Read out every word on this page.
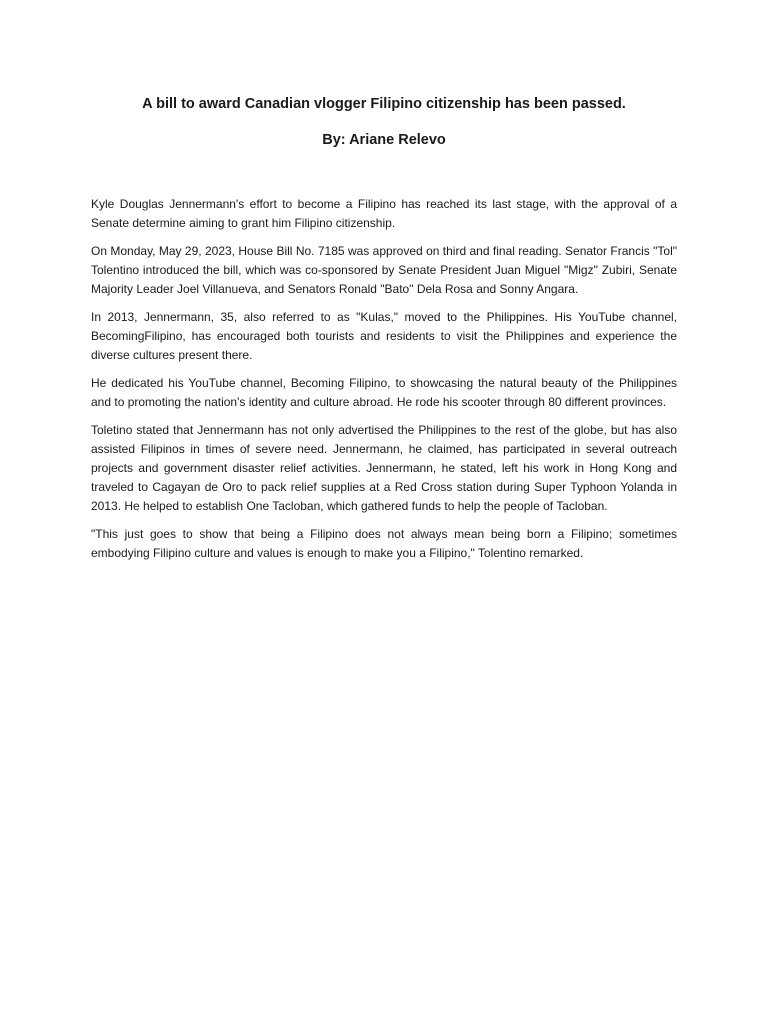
A bill to award Canadian vlogger Filipino citizenship has been passed.
By: Ariane Relevo

Kyle Douglas Jennermann's effort to become a Filipino has reached its last stage, with the approval of a Senate determine aiming to grant him Filipino citizenship.

On Monday, May 29, 2023, House Bill No. 7185 was approved on third and final reading. Senator Francis "Tol" Tolentino introduced the bill, which was co-sponsored by Senate President Juan Miguel "Migz" Zubiri, Senate Majority Leader Joel Villanueva, and Senators Ronald "Bato" Dela Rosa and Sonny Angara.

In 2013, Jennermann, 35, also referred to as "Kulas," moved to the Philippines. His YouTube channel, BecomingFilipino, has encouraged both tourists and residents to visit the Philippines and experience the diverse cultures present there.

He dedicated his YouTube channel, Becoming Filipino, to showcasing the natural beauty of the Philippines and to promoting the nation's identity and culture abroad. He rode his scooter through 80 different provinces.

Toletino stated that Jennermann has not only advertised the Philippines to the rest of the globe, but has also assisted Filipinos in times of severe need. Jennermann, he claimed, has participated in several outreach projects and government disaster relief activities. Jennermann, he stated, left his work in Hong Kong and traveled to Cagayan de Oro to pack relief supplies at a Red Cross station during Super Typhoon Yolanda in 2013. He helped to establish One Tacloban, which gathered funds to help the people of Tacloban.

"This just goes to show that being a Filipino does not always mean being born a Filipino; sometimes embodying Filipino culture and values is enough to make you a Filipino," Tolentino remarked.
